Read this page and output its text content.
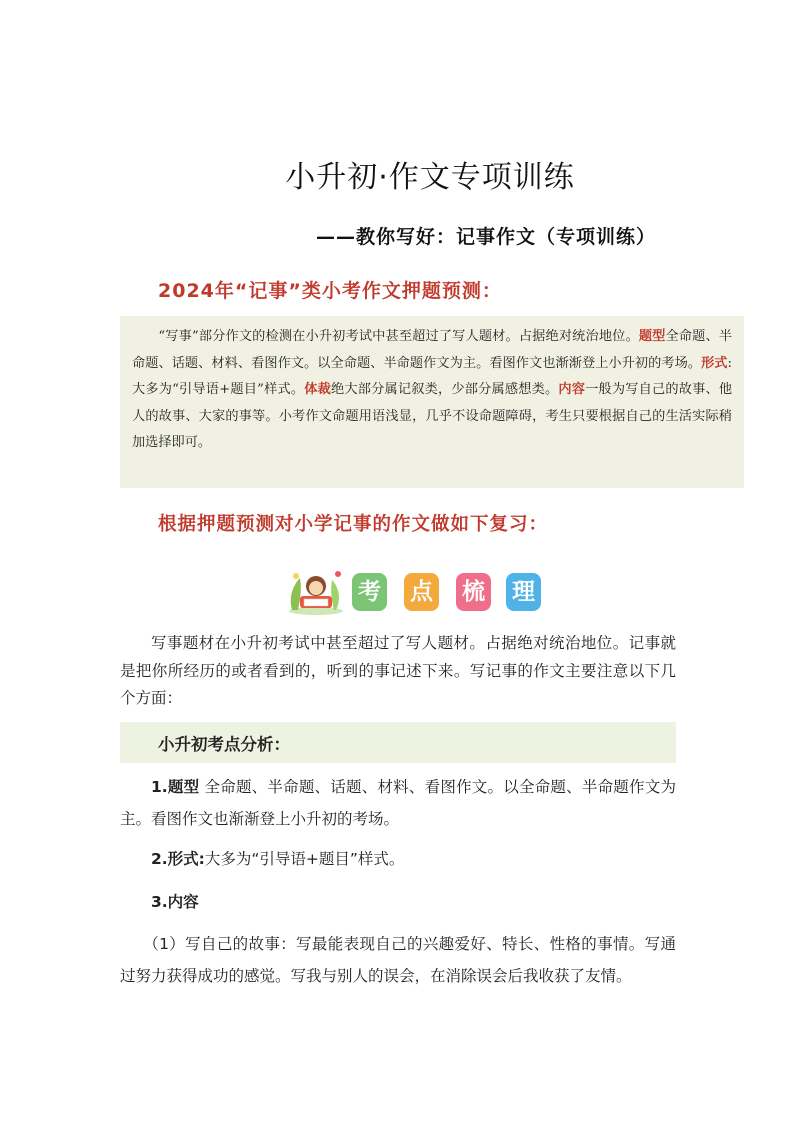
小升初·作文专项训练
——教你写好：记事作文（专项训练）
2024年“记事”类小考作文押题预测：
“写事”部分作文的检测在小升初考试中甚至超过了写人题材。占据绝对统治地位。题型全命题、半命题、话题、材料、看图作文。以全命题、半命题作文为主。看图作文也渐渐登上小升初的考场。形式:大多为“引导语+题目”样式。体裁绝大部分属记叙类，少部分属感想类。内容一般为写自己的故事、他人的故事、大家的事等。小考作文命题用语浅显，几乎不设命题障碍，考生只要根据自己的生活实际稍加选择即可。
根据押题预测对小学记事的作文做如下复习：
考 点 梳 理
写事题材在小升初考试中甚至超过了写人题材。占据绝对统治地位。记事就是把你所经历的或者看到的，听到的事记述下来。写记事的作文主要注意以下几个方面：
小升初考点分析：
1.题型 全命题、半命题、话题、材料、看图作文。以全命题、半命题作文为主。看图作文也渐渐登上小升初的考场。
2.形式:大多为“引导语+题目”样式。
3.内容
（1）写自己的故事：写最能表现自己的兴趣爱好、特长、性格的事情。写通过努力获得成功的感觉。写我与别人的误会，在消除误会后我收获了友情。
